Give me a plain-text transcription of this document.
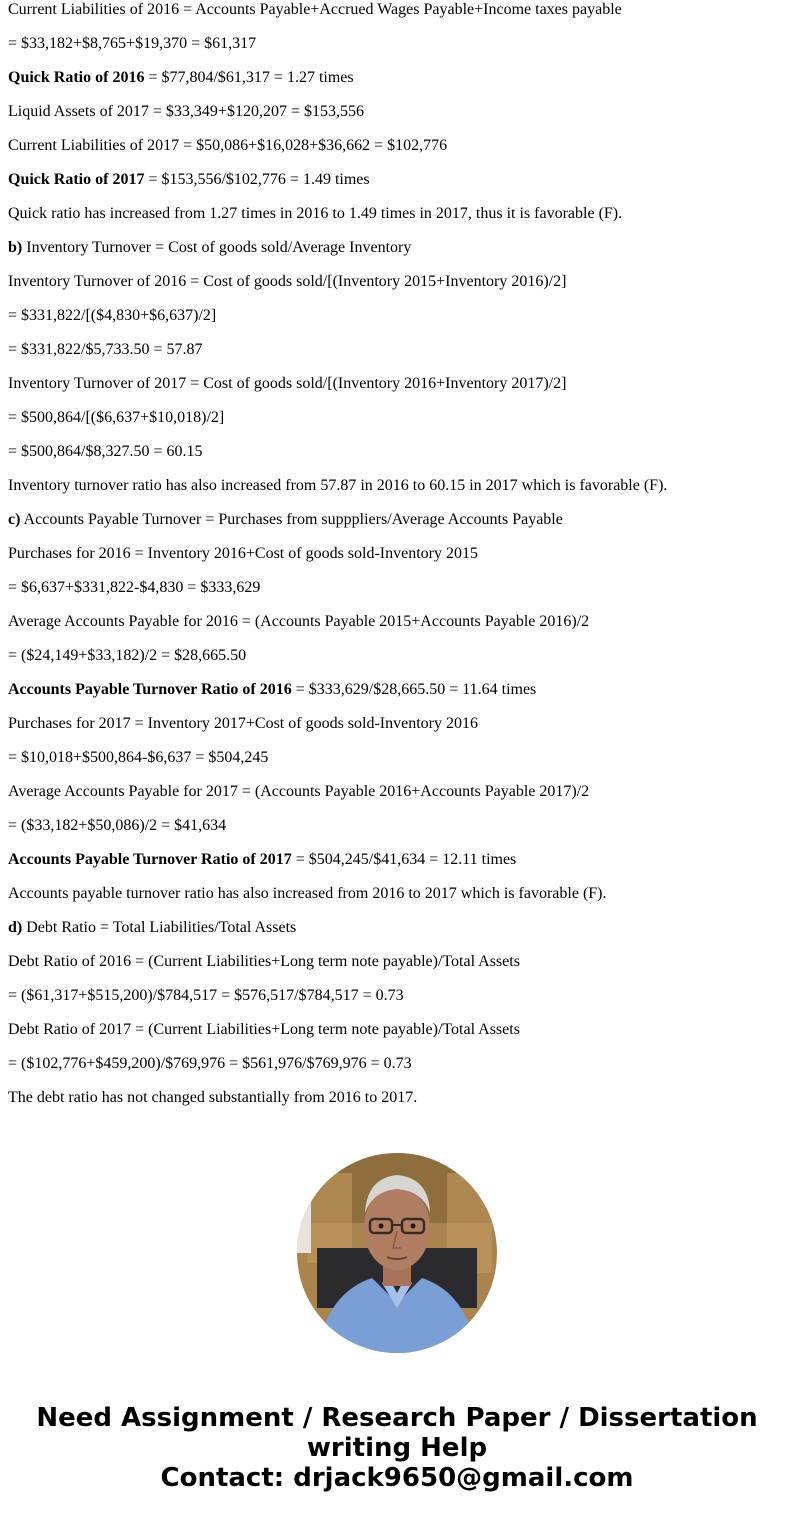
Current Liabilities of 2016 = Accounts Payable+Accrued Wages Payable+Income taxes payable
= $33,182+$8,765+$19,370 = $61,317
Quick Ratio of 2016 = $77,804/$61,317 = 1.27 times
Liquid Assets of 2017 = $33,349+$120,207 = $153,556
Current Liabilities of 2017 = $50,086+$16,028+$36,662 = $102,776
Quick Ratio of 2017 = $153,556/$102,776 = 1.49 times
Quick ratio has increased from 1.27 times in 2016 to 1.49 times in 2017, thus it is favorable (F).
b) Inventory Turnover = Cost of goods sold/Average Inventory
Inventory Turnover of 2016 = Cost of goods sold/[(Inventory 2015+Inventory 2016)/2]
= $331,822/[($4,830+$6,637)/2]
= $331,822/$5,733.50 = 57.87
Inventory Turnover of 2017 = Cost of goods sold/[(Inventory 2016+Inventory 2017)/2]
= $500,864/[($6,637+$10,018)/2]
= $500,864/$8,327.50 = 60.15
Inventory turnover ratio has also increased from 57.87 in 2016 to 60.15 in 2017 which is favorable (F).
c) Accounts Payable Turnover = Purchases from supppliers/Average Accounts Payable
Purchases for 2016 = Inventory 2016+Cost of goods sold-Inventory 2015
= $6,637+$331,822-$4,830 = $333,629
Average Accounts Payable for 2016 = (Accounts Payable 2015+Accounts Payable 2016)/2
= ($24,149+$33,182)/2 = $28,665.50
Accounts Payable Turnover Ratio of 2016 = $333,629/$28,665.50 = 11.64 times
Purchases for 2017 = Inventory 2017+Cost of goods sold-Inventory 2016
= $10,018+$500,864-$6,637 = $504,245
Average Accounts Payable for 2017 = (Accounts Payable 2016+Accounts Payable 2017)/2
= ($33,182+$50,086)/2 = $41,634
Accounts Payable Turnover Ratio of 2017 = $504,245/$41,634 = 12.11 times
Accounts payable turnover ratio has also increased from 2016 to 2017 which is favorable (F).
d) Debt Ratio = Total Liabilities/Total Assets
Debt Ratio of 2016 = (Current Liabilities+Long term note payable)/Total Assets
= ($61,317+$515,200)/$784,517 = $576,517/$784,517 = 0.73
Debt Ratio of 2017 = (Current Liabilities+Long term note payable)/Total Assets
= ($102,776+$459,200)/$769,976 = $561,976/$769,976 = 0.73
The debt ratio has not changed substantially from 2016 to 2017.
Need Assignment / Research Paper / Dissertation
writing Help
Contact: drjack9650@gmail.com
